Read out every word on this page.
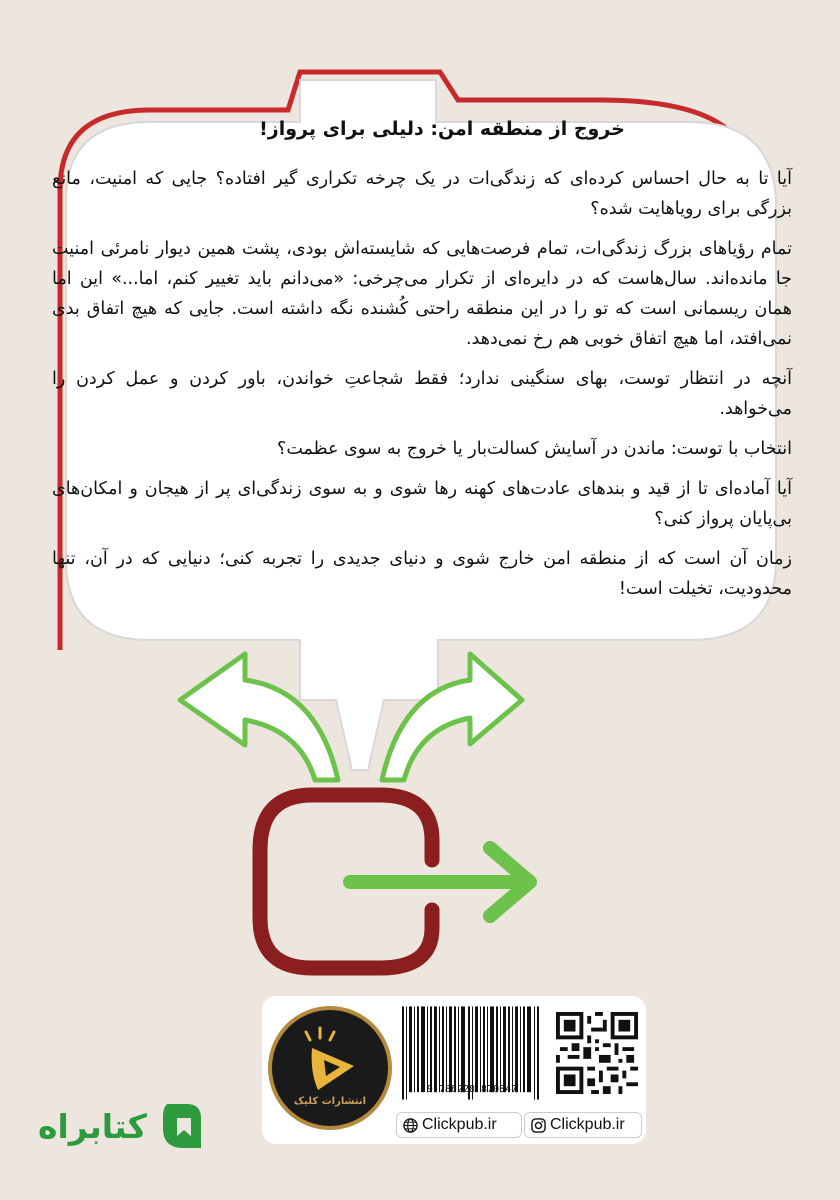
خروج از منطقه امن: دلیلی برای پرواز!

آیا تا به حال احساس کرده‌ای که زندگی‌ات در یک چرخه تکراری گیر افتاده؟ جایی که امنیت، مانع بزرگی برای رویاهایت شده؟

تمام رؤیاهای بزرگ زندگی‌ات، تمام فرصت‌هایی که شایسته‌اش بودی، پشت همین دیوار نامرئی امنیت جا مانده‌اند. سال‌هاست که در دایره‌ای از تکرار می‌چرخی: «می‌دانم باید تغییر کنم، اما...» این اما همان ریسمانی است که تو را در این منطقه راحتی کُشنده نگه داشته است. جایی که هیچ اتفاق بدی نمی‌افتد، اما هیچ اتفاق خوبی هم رخ نمی‌دهد.

آنچه در انتظار توست، بهای سنگینی ندارد؛ فقط شجاعتِ خواندن، باور کردن و عمل کردن را می‌خواهد.

انتخاب با توست: ماندن در آسایش کسالت‌بار یا خروج به سوی عظمت؟

آیا آماده‌ای تا از قید و بندهای عادت‌های کهنه رها شوی و به سوی زندگی‌ای پر از هیجان و امکان‌های بی‌پایان پرواز کنی؟

زمان آن است که از منطقه امن خارج شوی و دنیای جدیدی را تجربه کنی؛ دنیایی که در آن، تنها محدودیت، تخیلت است!

انتشارات کلیک
9 786228 870847
Clickpub.ir	Clickpub.ir
کتابراه
